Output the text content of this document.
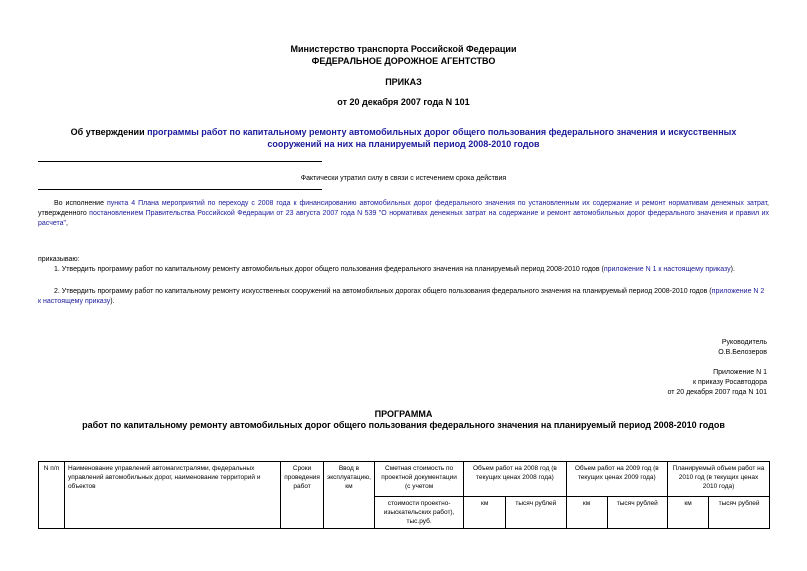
Министерство транспорта Российской Федерации
ФЕДЕРАЛЬНОЕ ДОРОЖНОЕ АГЕНТСТВО
ПРИКАЗ
от 20 декабря 2007 года N 101
Об утверждении программы работ по капитальному ремонту автомобильных дорог общего пользования федерального значения и искусственных сооружений на них на планируемый период 2008-2010 годов
Фактически утратил силу в связи с истечением срока действия
Во исполнение пункта 4 Плана мероприятий по переходу с 2008 года к финансированию автомобильных дорог федерального значения по установленным их содержание и ремонт нормативам денежных затрат, утвержденного постановлением Правительства Российской Федерации от 23 августа 2007 года N 539 "О нормативах денежных затрат на содержание и ремонт автомобильных дорог федерального значения и правил их расчета",
приказываю:
1. Утвердить программу работ по капитальному ремонту автомобильных дорог общего пользования федерального значения на планируемый период 2008-2010 годов (приложение N 1 к настоящему приказу).
2. Утвердить программу работ по капитальному ремонту искусственных сооружений на автомобильных дорогах общего пользования федерального значения на планируемый период 2008-2010 годов (приложение N 2 к настоящему приказу).
Руководитель
О.В.Белозеров
Приложение N 1
к приказу Росавтодора
от 20 декабря 2007 года N 101
ПРОГРАММА
работ по капитальному ремонту автомобильных дорог общего пользования федерального значения на планируемый период 2008-2010 годов
N п/п	Наименование управлений автомагистралями, федеральных управлений автомобильных дорог, наименование территорий и объектов	Сроки проведения работ	Ввод в эксплуатацию, км	Сметная стоимость по проектной документации (с учетом	Объем работ на 2008 год (в текущих ценах 2008 года)		Объем работ на 2009 год (в текущих ценах 2009 года)		Планируемый объем работ на 2010 год (в текущих ценах 2010 года)	
				стоимости проектно-изыскательских работ), тыс.руб.	км	тысяч рублей	км	тысяч рублей	км	тысяч рублей
